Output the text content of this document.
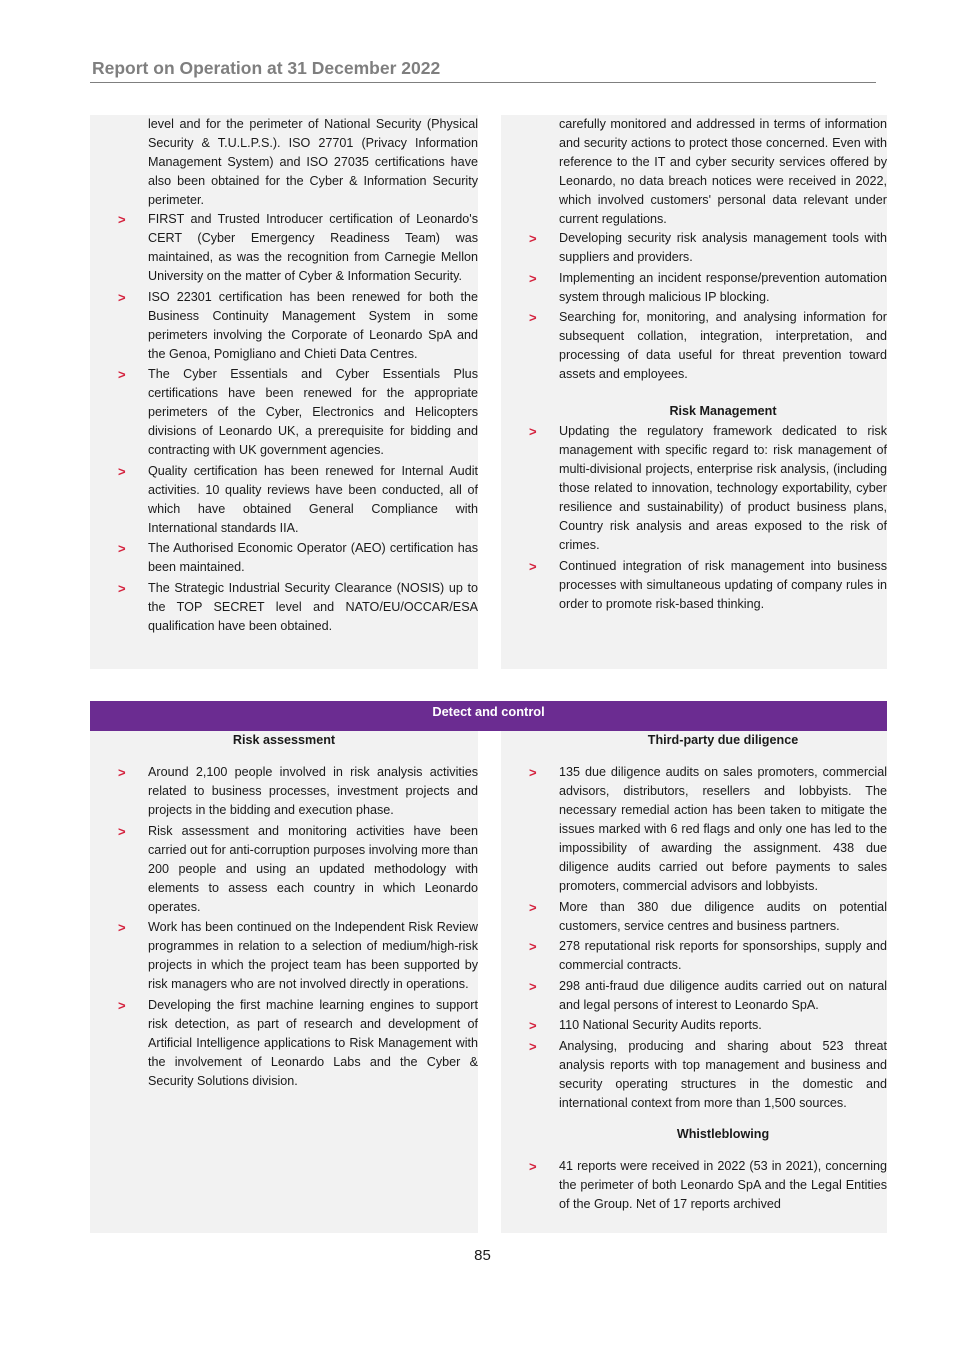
Report on Operation at 31 December 2022

level and for the perimeter of National Security (Physical Security & T.U.L.P.S.). ISO 27701 (Privacy Information Management System) and ISO 27035 certifications have also been obtained for the Cyber & Information Security perimeter.

> FIRST and Trusted Introducer certification of Leonardo's CERT (Cyber Emergency Readiness Team) was maintained, as was the recognition from Carnegie Mellon University on the matter of Cyber & Information Security.
> ISO 22301 certification has been renewed for both the Business Continuity Management System in some perimeters involving the Corporate of Leonardo SpA and the Genoa, Pomigliano and Chieti Data Centres.
> The Cyber Essentials and Cyber Essentials Plus certifications have been renewed for the appropriate perimeters of the Cyber, Electronics and Helicopters divisions of Leonardo UK, a prerequisite for bidding and contracting with UK government agencies.
> Quality certification has been renewed for Internal Audit activities. 10 quality reviews have been conducted, all of which have obtained General Compliance with International standards IIA.
> The Authorised Economic Operator (AEO) certification has been maintained.
> The Strategic Industrial Security Clearance (NOSIS) up to the TOP SECRET level and NATO/EU/OCCAR/ESA qualification have been obtained.

carefully monitored and addressed in terms of information and security actions to protect those concerned. Even with reference to the IT and cyber security services offered by Leonardo, no data breach notices were received in 2022, which involved customers' personal data relevant under current regulations.

> Developing security risk analysis management tools with suppliers and providers.
> Implementing an incident response/prevention automation system through malicious IP blocking.
> Searching for, monitoring, and analysing information for subsequent collation, integration, interpretation, and processing of data useful for threat prevention toward assets and employees.

Risk Management

> Updating the regulatory framework dedicated to risk management with specific regard to: risk management of multi-divisional projects, enterprise risk analysis, (including those related to innovation, technology exportability, cyber resilience and sustainability) of product business plans, Country risk analysis and areas exposed to the risk of crimes.
> Continued integration of risk management into business processes with simultaneous updating of company rules in order to promote risk-based thinking.
Detect and control

Risk assessment

> Around 2,100 people involved in risk analysis activities related to business processes, investment projects and projects in the bidding and execution phase.
> Risk assessment and monitoring activities have been carried out for anti-corruption purposes involving more than 200 people and using an updated methodology with elements to assess each country in which Leonardo operates.
> Work has been continued on the Independent Risk Review programmes in relation to a selection of medium/high-risk projects in which the project team has been supported by risk managers who are not involved directly in operations.
> Developing the first machine learning engines to support risk detection, as part of research and development of Artificial Intelligence applications to Risk Management with the involvement of Leonardo Labs and the Cyber & Security Solutions division.

Third-party due diligence

> 135 due diligence audits on sales promoters, commercial advisors, distributors, resellers and lobbyists. The necessary remedial action has been taken to mitigate the issues marked with 6 red flags and only one has led to the impossibility of awarding the assignment. 438 due diligence audits carried out before payments to sales promoters, commercial advisors and lobbyists.
> More than 380 due diligence audits on potential customers, service centres and business partners.
> 278 reputational risk reports for sponsorships, supply and commercial contracts.
> 298 anti-fraud due diligence audits carried out on natural and legal persons of interest to Leonardo SpA.
> 110 National Security Audits reports.
> Analysing, producing and sharing about 523 threat analysis reports with top management and business and security operating structures in the domestic and international context from more than 1,500 sources.

Whistleblowing

> 41 reports were received in 2022 (53 in 2021), concerning the perimeter of both Leonardo SpA and the Legal Entities of the Group. Net of 17 reports archived
85
